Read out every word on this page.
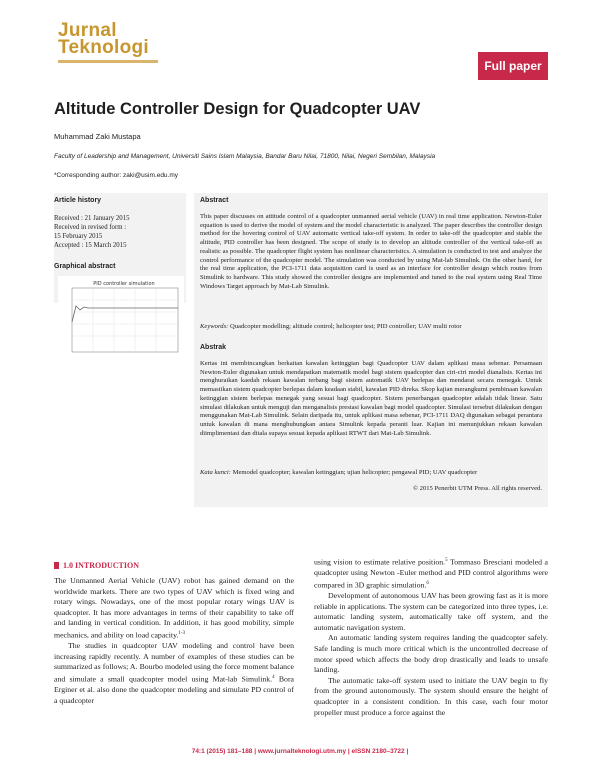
Jurnal
Teknologi
Full paper
Altitude Controller Design for Quadcopter UAV
Muhammad Zaki Mustapa
Faculty of Leadership and Management, Universiti Sains Islam Malaysia, Bandar Baru Nilai, 71800, Nilai, Negeri Sembilan, Malaysia
*Corresponding author: zaki@usim.edu.my
Article history
Received : 21 January 2015
Received in revised form :
15 February 2015
Accepted : 15 March 2015
Graphical abstract
PID controller simulation
Abstract
This paper discusses on attitude control of a quadcopter unmanned aerial vehicle (UAV) in real time application. Newton-Euler equation is used to derive the model of system and the model characteristic is analyzed. The paper describes the controller design method for the hovering control of UAV automatic vertical take-off system. In order to take-off the quadcopter and stable the altitude, PID controller has been designed. The scope of study is to develop an altitude controller of the vertical take-off as realistic as possible. The quadcopter flight system has nonlinear characteristics. A simulation is conducted to test and analyze the control performance of the quadcopter model. The simulation was conducted by using Mat-lab Simulink. On the other hand, for the real time application, the PCI-1711 data acquisition card is used as an interface for controller design which routes from Simulink to hardware. This study showed the controller designs are implemented and tuned to the real system using Real Time Windows Target approach by Mat-Lab Simulink.
Keywords: Quadcopter modelling; altitude control; helicopter test; PID controller; UAV multi rotor
Abstrak
Kertas ini membincangkan berkaitan kawalan ketinggian bagi Quadcopter UAV dalam aplikasi masa sebenar. Persamaan Newton-Euler digunakan untuk mendapatkan matematik model bagi sistem quadcopter dan ciri-ciri model dianalisis. Kertas ini menghuraikan kaedah rekaan kawalan terbang bagi sistem automatik UAV berlepas dan mendarat secara menegak. Untuk memastikan sistem quadcopter berlepas dalam keadaan stabil, kawalan PID direka. Skop kajian merangkumi pembinaan kawalan ketinggian sistem berlepas menegak yang sesuai bagi quadcopter. Sistem penerbangan quadcopter adalah tidak linear. Satu simulasi dilakukan untuk menguji dan menganalisis prestasi kawalan bagi model quadcopter. Simulasi tersebut dilakukan dengan menggunakan Mat-Lab Simulink. Selain daripada itu, untuk aplikasi masa sebenar, PCI-1711 DAQ digunakan sebagai perantara untuk kawalan di mana menghubungkan antara Simulink kepada peranti luar. Kajian ini menunjukkan rekaan kawalan diimplimentasi dan ditala supaya sesuai kepada aplikasi RTWT dari Mat-Lab Simulink.
Kata kunci: Memodel quadcopter; kawalan ketinggian; ujian helicopter; pengawal PID; UAV quadcopter
© 2015 Penerbit UTM Press. All rights reserved.
1.0 INTRODUCTION
The Unmanned Aerial Vehicle (UAV) robot has gained demand on the worldwide markets. There are two types of UAV which is fixed wing and rotary wings. Nowadays, one of the most popular rotary wings UAV is quadcopter. It has more advantages in terms of their capability to take off and landing in vertical condition. In addition, it has good mobility, simple mechanics, and ability on load capacity.$^{1-3}$
The studies in quadcopter UAV modeling and control have been increasing rapidly recently. A number of examples of these studies can be summarized as follows; A. Bourbo modeled using the force moment balance and simulate a small quadcopter model using Mat-lab Simulink.$^4$ Bora Erginer et al. also done the quadcopter modeling and simulate PD control of a quadcopter
using vision to estimate relative position.$^5$ Tommaso Bresciani modeled a quadcopter using Newton -Euler method and PID control algorithms were compared in 3D graphic simulation.$^6$
Development of autonomous UAV has been growing fast as it is more reliable in applications. The system can be categorized into three types, i.e. automatic landing system, automatically take off system, and the automatic navigation system.
An automatic landing system requires landing the quadcopter safely. Safe landing is much more critical which is the uncontrolled decrease of motor speed which affects the body drop drastically and leads to unsafe landing.
The automatic take-off system used to initiate the UAV begin to fly from the ground autonomously. The system should ensure the height of quadcopter in a consistent condition. In this case, each four motor propeller must produce a force against the
74:1 (2015) 181–188 | www.jurnalteknologi.utm.my | eISSN 2180–3722 |
